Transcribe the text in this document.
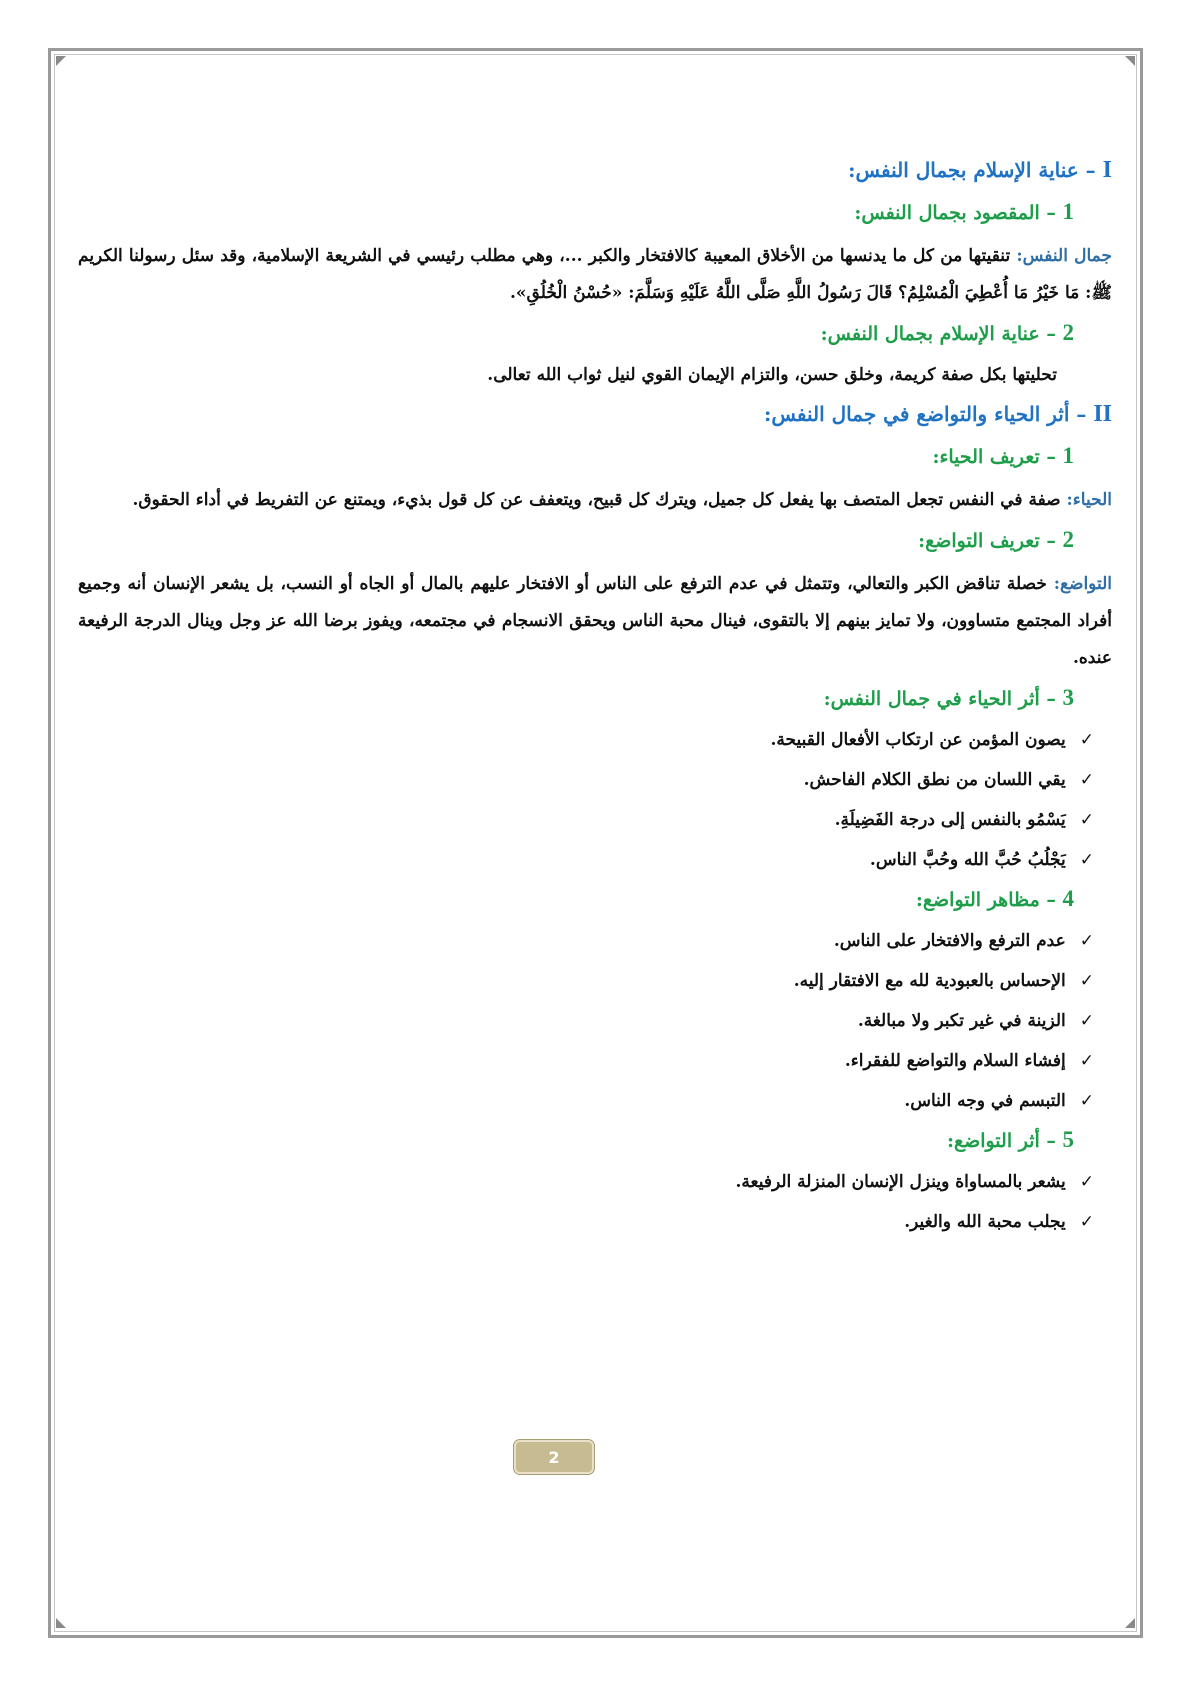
I – عناية الإسلام بجمال النفس:
1 – المقصود بجمال النفس:

جمال النفس: تنقيتها من كل ما يدنسها من الأخلاق المعيبة كالافتخار والكبر ...، وهي مطلب رئيسي في الشريعة الإسلامية، وقد سئل رسولنا الكريم ﷺ: مَا خَيْرُ مَا أُعْطِيَ الْمُسْلِمُ؟ قَالَ رَسُولُ اللَّهِ صَلَّى اللَّهُ عَلَيْهِ وَسَلَّمَ: «حُسْنُ الْخُلُقِ».

2 – عناية الإسلام بجمال النفس:

تحليتها بكل صفة كريمة، وخلق حسن، والتزام الإيمان القوي لنيل ثواب الله تعالى.

II – أثر الحياء والتواضع في جمال النفس:
1 – تعريف الحياء:

الحياء: صفة في النفس تجعل المتصف بها يفعل كل جميل، ويترك كل قبيح، ويتعفف عن كل قول بذيء، ويمتنع عن التفريط في أداء الحقوق.

2 – تعريف التواضع:

التواضع: خصلة تناقض الكبر والتعالي، وتتمثل في عدم الترفع على الناس أو الافتخار عليهم بالمال أو الجاه أو النسب، بل يشعر الإنسان أنه وجميع أفراد المجتمع متساوون، ولا تمايز بينهم إلا بالتقوى، فينال محبة الناس ويحقق الانسجام في مجتمعه، ويفوز برضا الله عز وجل وينال الدرجة الرفيعة عنده.

3 – أثر الحياء في جمال النفس:
✓يصون المؤمن عن ارتكاب الأفعال القبيحة.
✓يقي اللسان من نطق الكلام الفاحش.
✓يَسْمُو بالنفس إلى درجة الفَضِيلَةِ.
✓يَجْلُبُ حُبَّ الله وحُبَّ الناس.
4 – مظاهر التواضع:
✓عدم الترفع والافتخار على الناس.
✓الإحساس بالعبودية لله مع الافتقار إليه.
✓الزينة في غير تكبر ولا مبالغة.
✓إفشاء السلام والتواضع للفقراء.
✓التبسم في وجه الناس.
5 – أثر التواضع:
✓يشعر بالمساواة وينزل الإنسان المنزلة الرفيعة.
✓يجلب محبة الله والغير.
2
